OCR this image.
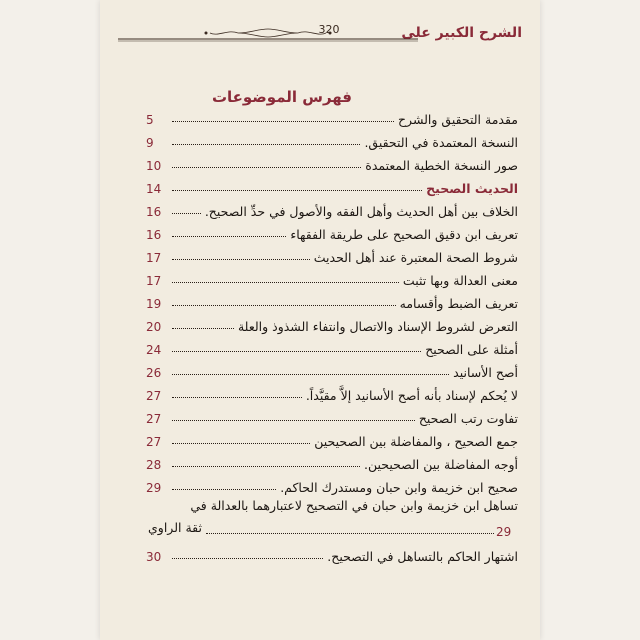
320	الشرح الكبير على
فهرس الموضوعات
مقدمة التحقيق والشرح
5
النسخة المعتمدة في التحقيق.
9
صور النسخة الخطية المعتمدة
10
الحديث الصحيح
14
الخلاف بين أهل الحديث وأهل الفقه والأصول في حدِّ الصحيح.
16
تعريف ابن دقيق الصحيح على طريقة الفقهاء
16
شروط الصحة المعتبرة عند أهل الحديث
17
معنى العدالة وبها تثبت
17
تعريف الضبط وأقسامه
19
التعرض لشروط الإسناد والاتصال وانتفاء الشذوذ والعلة
20
أمثلة على الصحيح
24
أصح الأسانيد
26
لا يُحكم لإسناد بأنه أصح الأسانيد إلاَّ مقيَّداً.
27
تفاوت رتب الصحيح
27
جمع الصحيح ، والمفاضلة بين الصحيحين
27
أوجه المفاضلة بين الصحيحين.
28
صحيح ابن خزيمة وابن حبان ومستدرك الحاكم.
29
تساهل ابن خزيمة وابن حبان في التصحيح لاعتبارهما بالعدالة في
ثقة الراوي	29
اشتهار الحاكم بالتساهل في التصحيح.
30
